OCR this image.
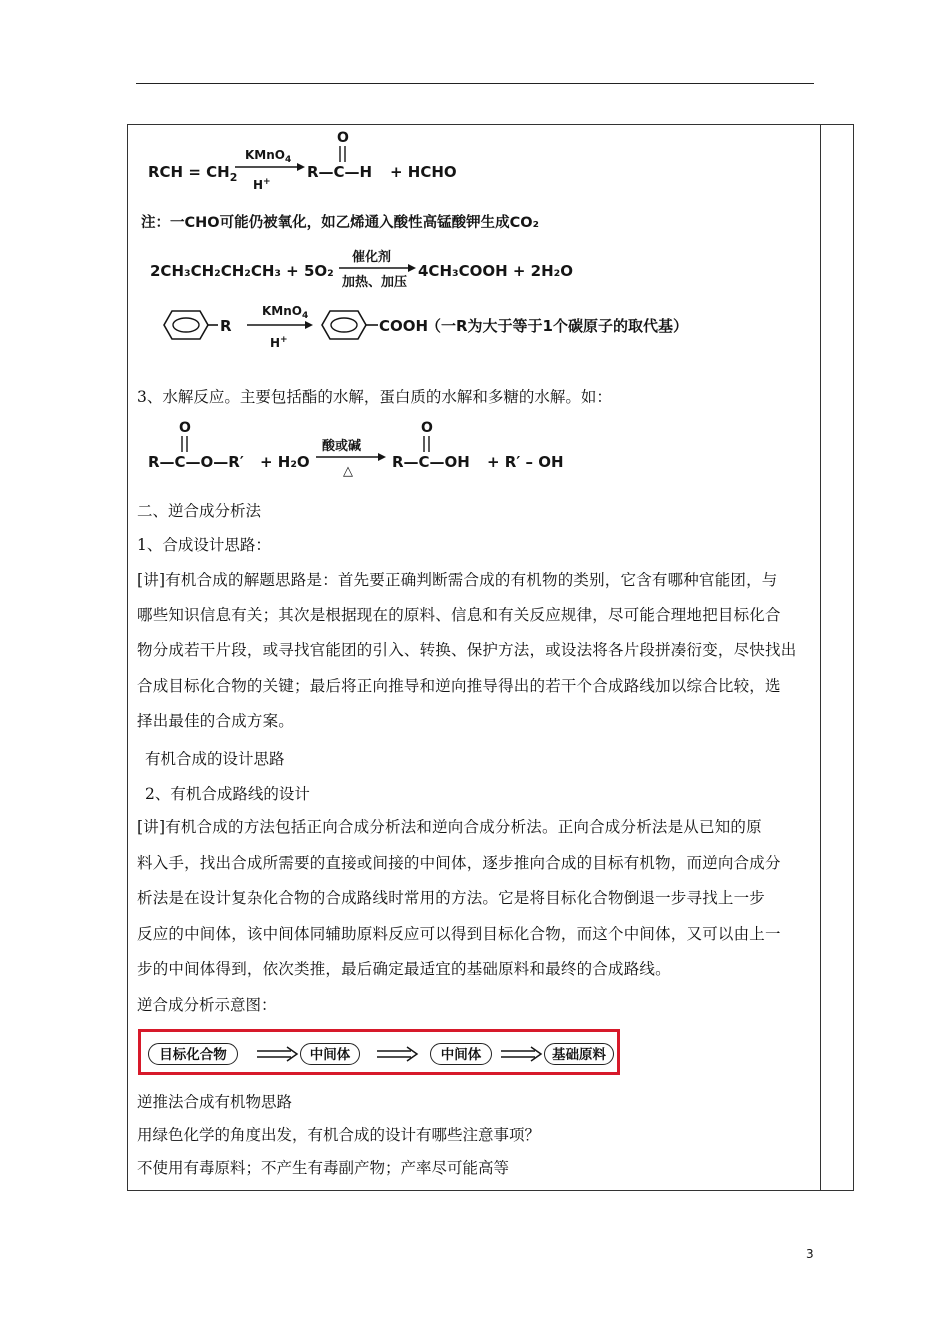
RCH = $CH_2$
KMnO$_4$
H+
O
R—C—H + HCHO
注：一CHO可能仍被氧化，如乙烯通入酸性高锰酸钾生成CO₂
2CH₃CH₂CH₂CH₃ + 5O₂
催化剂
加热、加压
4CH₃COOH + 2H₂O
R
KMnO$_4$
H+
COOH
（一R为大于等于1个碳原子的取代基）
3、水解反应。主要包括酯的水解，蛋白质的水解和多糖的水解。如：
O
R—C—O—R′ + H₂O
酸或碱
△
O
R—C—OH + R′ – OH
二、逆合成分析法
1、合成设计思路：
[讲]有机合成的解题思路是：首先要正确判断需合成的有机物的类别，它含有哪种官能团，与
哪些知识信息有关；其次是根据现在的原料、信息和有关反应规律，尽可能合理地把目标化合
物分成若干片段，或寻找官能团的引入、转换、保护方法，或设法将各片段拼凑衍变，尽快找出
合成目标化合物的关键；最后将正向推导和逆向推导得出的若干个合成路线加以综合比较，选
择出最佳的合成方案。
有机合成的设计思路
2、有机合成路线的设计
[讲]有机合成的方法包括正向合成分析法和逆向合成分析法。正向合成分析法是从已知的原
料入手，找出合成所需要的直接或间接的中间体，逐步推向合成的目标有机物，而逆向合成分
析法是在设计复杂化合物的合成路线时常用的方法。它是将目标化合物倒退一步寻找上一步
反应的中间体，该中间体同辅助原料反应可以得到目标化合物，而这个中间体，又可以由上一
步的中间体得到，依次类推，最后确定最适宜的基础原料和最终的合成路线。
逆合成分析示意图：
目标化合物	中间体	中间体	基础原料
逆推法合成有机物思路
用绿色化学的角度出发，有机合成的设计有哪些注意事项？
不使用有毒原料；不产生有毒副产物；产率尽可能高等
3
